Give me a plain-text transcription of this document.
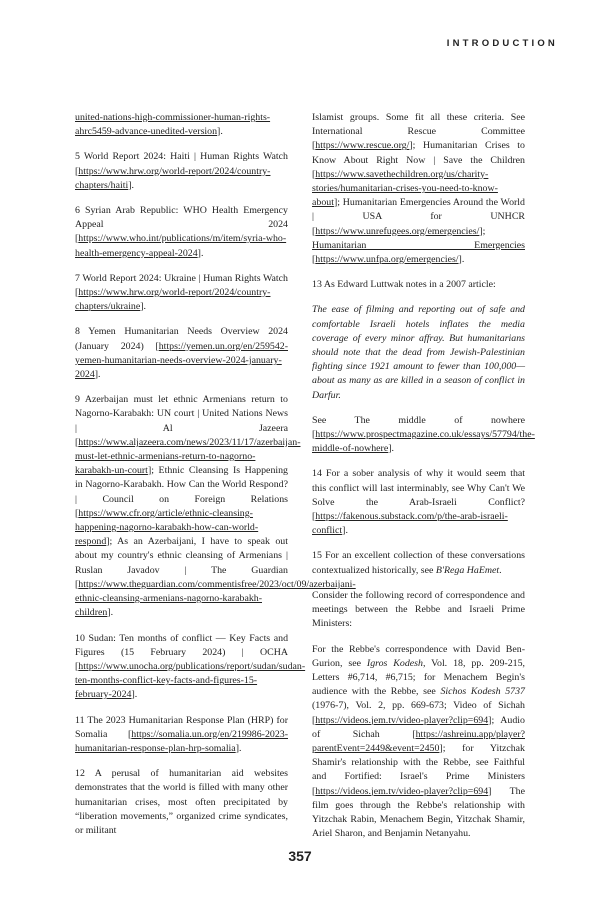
INTRODUCTION

united-nations-high-commissioner-human-rights-ahrc5459-advance-unedited-version].

5 World Report 2024: Haiti | Human Rights Watch [https://www.hrw.org/world-report/2024/country-chapters/haiti].

6 Syrian Arab Republic: WHO Health Emergency Appeal 2024 [https://www.who.int/publications/m/item/syria-who-health-emergency-appeal-2024].

7 World Report 2024: Ukraine | Human Rights Watch [https://www.hrw.org/world-report/2024/country-chapters/ukraine].

8 Yemen Humanitarian Needs Overview 2024 (January 2024) [https://yemen.un.org/en/259542-yemen-humanitarian-needs-overview-2024-january-2024].

9 Azerbaijan must let ethnic Armenians return to Nagorno-Karabakh: UN court | United Nations News | Al Jazeera [https://www.aljazeera.com/news/2023/11/17/azerbaijan-must-let-ethnic-armenians-return-to-nagorno-karabakh-un-court]; Ethnic Cleansing Is Happening in Nagorno-Karabakh. How Can the World Respond? | Council on Foreign Relations [https://www.cfr.org/article/ethnic-cleansing-happening-nagorno-karabakh-how-can-world-respond]; As an Azerbaijani, I have to speak out about my country's ethnic cleansing of Armenians | Ruslan Javadov | The Guardian [https://www.theguardian.com/commentisfree/2023/oct/09/azerbaijani-ethnic-cleansing-armenians-nagorno-karabakh-children].

10 Sudan: Ten months of conflict — Key Facts and Figures (15 February 2024) | OCHA [https://www.unocha.org/publications/report/sudan/sudan-ten-months-conflict-key-facts-and-figures-15-february-2024].

11 The 2023 Humanitarian Response Plan (HRP) for Somalia [https://somalia.un.org/en/219986-2023-humanitarian-response-plan-hrp-somalia].

12 A perusal of humanitarian aid websites demonstrates that the world is filled with many other humanitarian crises, most often precipitated by “liberation movements,” organized crime syndicates, or militant

Islamist groups. Some fit all these criteria. See International Rescue Committee [https://www.rescue.org/]; Humanitarian Crises to Know About Right Now | Save the Children [https://www.savethechildren.org/us/charity-stories/humanitarian-crises-you-need-to-know-about]; Humanitarian Emergencies Around the World | USA for UNHCR [https://www.unrefugees.org/emergencies/]; Humanitarian Emergencies [https://www.unfpa.org/emergencies/].

13 As Edward Luttwak notes in a 2007 article:

The ease of filming and reporting out of safe and comfortable Israeli hotels inflates the media coverage of every minor affray. But humanitarians should note that the dead from Jewish-Palestinian fighting since 1921 amount to fewer than 100,000—about as many as are killed in a season of conflict in Darfur.

See The middle of nowhere [https://www.prospectmagazine.co.uk/essays/57794/the-middle-of-nowhere].

14 For a sober analysis of why it would seem that this conflict will last interminably, see Why Can't We Solve the Arab-Israeli Conflict? [https://fakenous.substack.com/p/the-arab-israeli-conflict].

15 For an excellent collection of these conversations contextualized historically, see B'Rega HaEmet.

Consider the following record of correspondence and meetings between the Rebbe and Israeli Prime Ministers:

For the Rebbe's correspondence with David Ben-Gurion, see Igros Kodesh, Vol. 18, pp. 209-215, Letters #6,714, #6,715; for Menachem Begin's audience with the Rebbe, see Sichos Kodesh 5737 (1976-7), Vol. 2, pp. 669-673; Video of Sichah [https://videos.jem.tv/video-player?clip=694]; Audio of Sichah [https://ashreinu.app/player?parentEvent=2449&event=2450]; for Yitzchak Shamir's relationship with the Rebbe, see Faithful and Fortified: Israel's Prime Ministers [https://videos.jem.tv/video-player?clip=694] The film goes through the Rebbe's relationship with Yitzchak Rabin, Menachem Begin, Yitzchak Shamir, Ariel Sharon, and Benjamin Netanyahu.

357
